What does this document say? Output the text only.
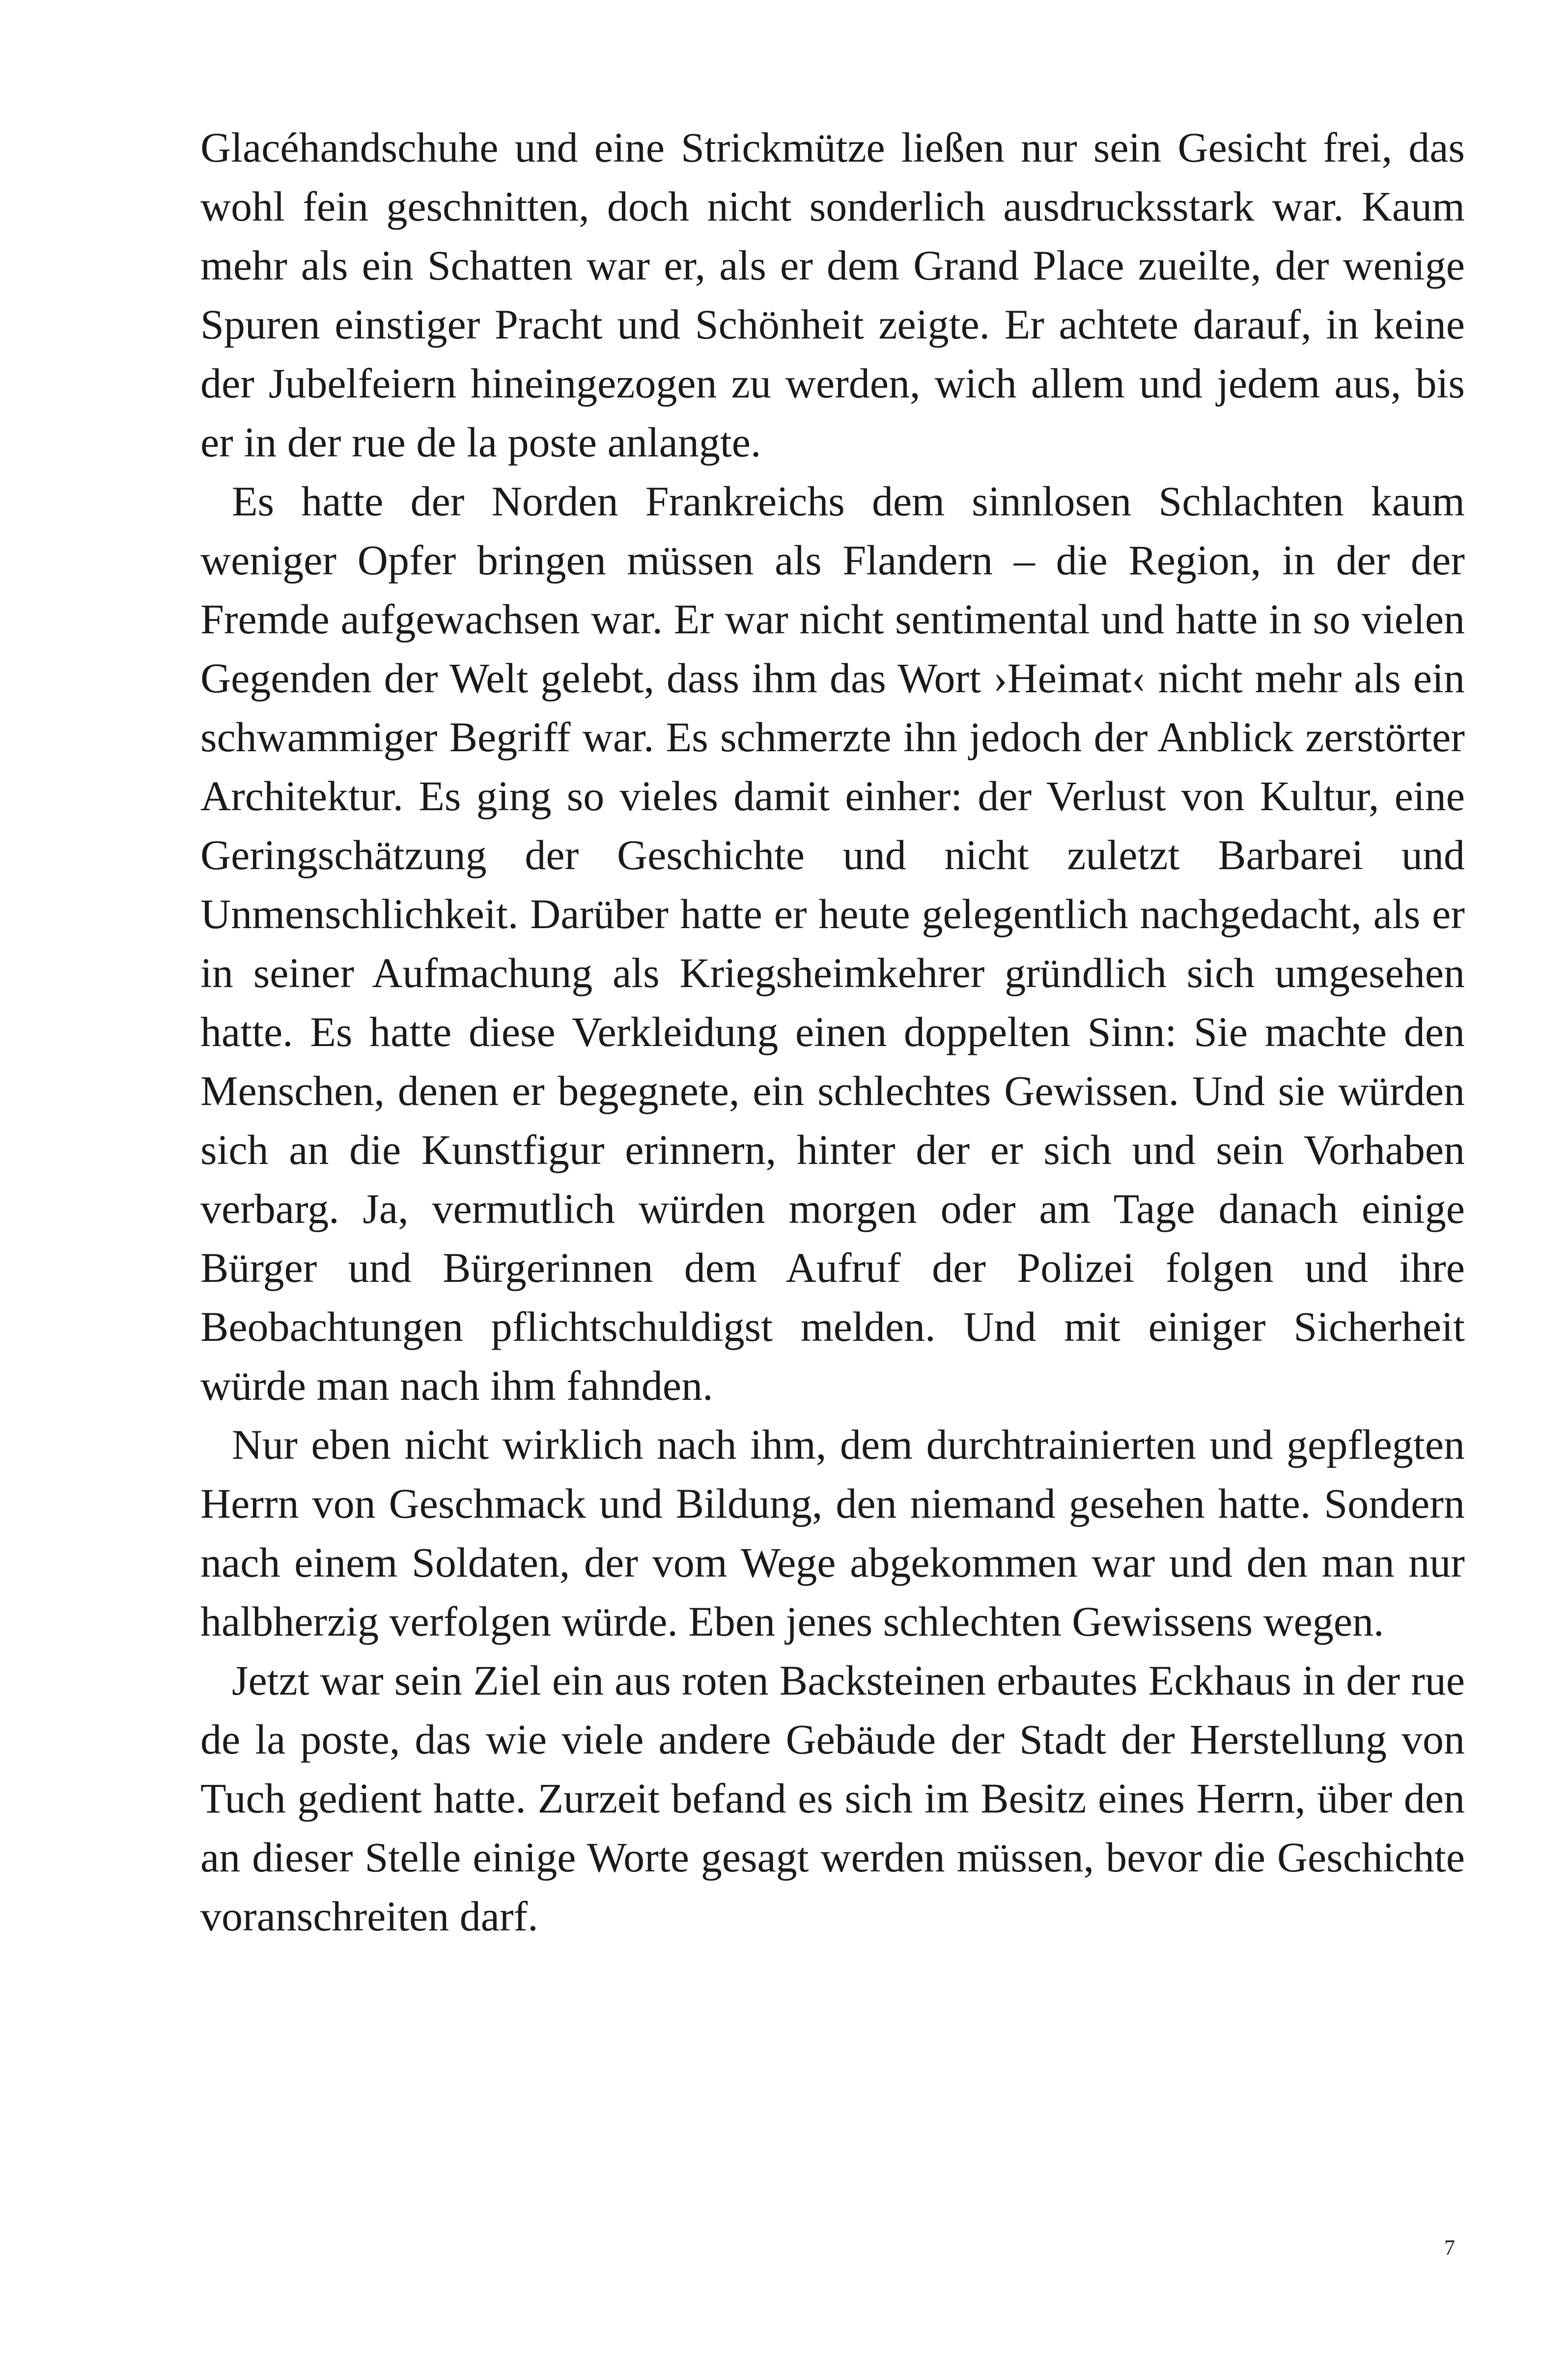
Glacéhandschuhe und eine Strickmütze ließen nur sein Gesicht frei, das wohl fein geschnitten, doch nicht sonderlich ausdrucksstark war. Kaum mehr als ein Schatten war er, als er dem Grand Place zueilte, der wenige Spuren einstiger Pracht und Schönheit zeigte. Er achtete darauf, in keine der Jubelfeiern hineingezogen zu werden, wich allem und jedem aus, bis er in der rue de la poste anlangte.

Es hatte der Norden Frankreichs dem sinnlosen Schlachten kaum weniger Opfer bringen müssen als Flandern – die Region, in der der Fremde aufgewachsen war. Er war nicht sentimental und hatte in so vielen Gegenden der Welt gelebt, dass ihm das Wort ›Heimat‹ nicht mehr als ein schwammiger Begriff war. Es schmerzte ihn jedoch der Anblick zerstörter Architektur. Es ging so vieles damit einher: der Verlust von Kultur, eine Geringschätzung der Geschichte und nicht zuletzt Barbarei und Unmenschlichkeit. Darüber hatte er heute gelegentlich nachgedacht, als er in seiner Aufmachung als Kriegsheimkehrer gründlich sich umgesehen hatte. Es hatte diese Verkleidung einen doppelten Sinn: Sie machte den Menschen, denen er begegnete, ein schlechtes Gewissen. Und sie würden sich an die Kunstfigur erinnern, hinter der er sich und sein Vorhaben verbarg. Ja, vermutlich würden morgen oder am Tage danach einige Bürger und Bürgerinnen dem Aufruf der Polizei folgen und ihre Beobachtungen pflichtschuldigst melden. Und mit einiger Sicherheit würde man nach ihm fahnden.

Nur eben nicht wirklich nach ihm, dem durchtrainierten und gepflegten Herrn von Geschmack und Bildung, den niemand gesehen hatte. Sondern nach einem Soldaten, der vom Wege abgekommen war und den man nur halbherzig verfolgen würde. Eben jenes schlechten Gewissens wegen.

Jetzt war sein Ziel ein aus roten Backsteinen erbautes Eckhaus in der rue de la poste, das wie viele andere Gebäude der Stadt der Herstellung von Tuch gedient hatte. Zurzeit befand es sich im Besitz eines Herrn, über den an dieser Stelle einige Worte gesagt werden müssen, bevor die Geschichte voranschreiten darf.

7
